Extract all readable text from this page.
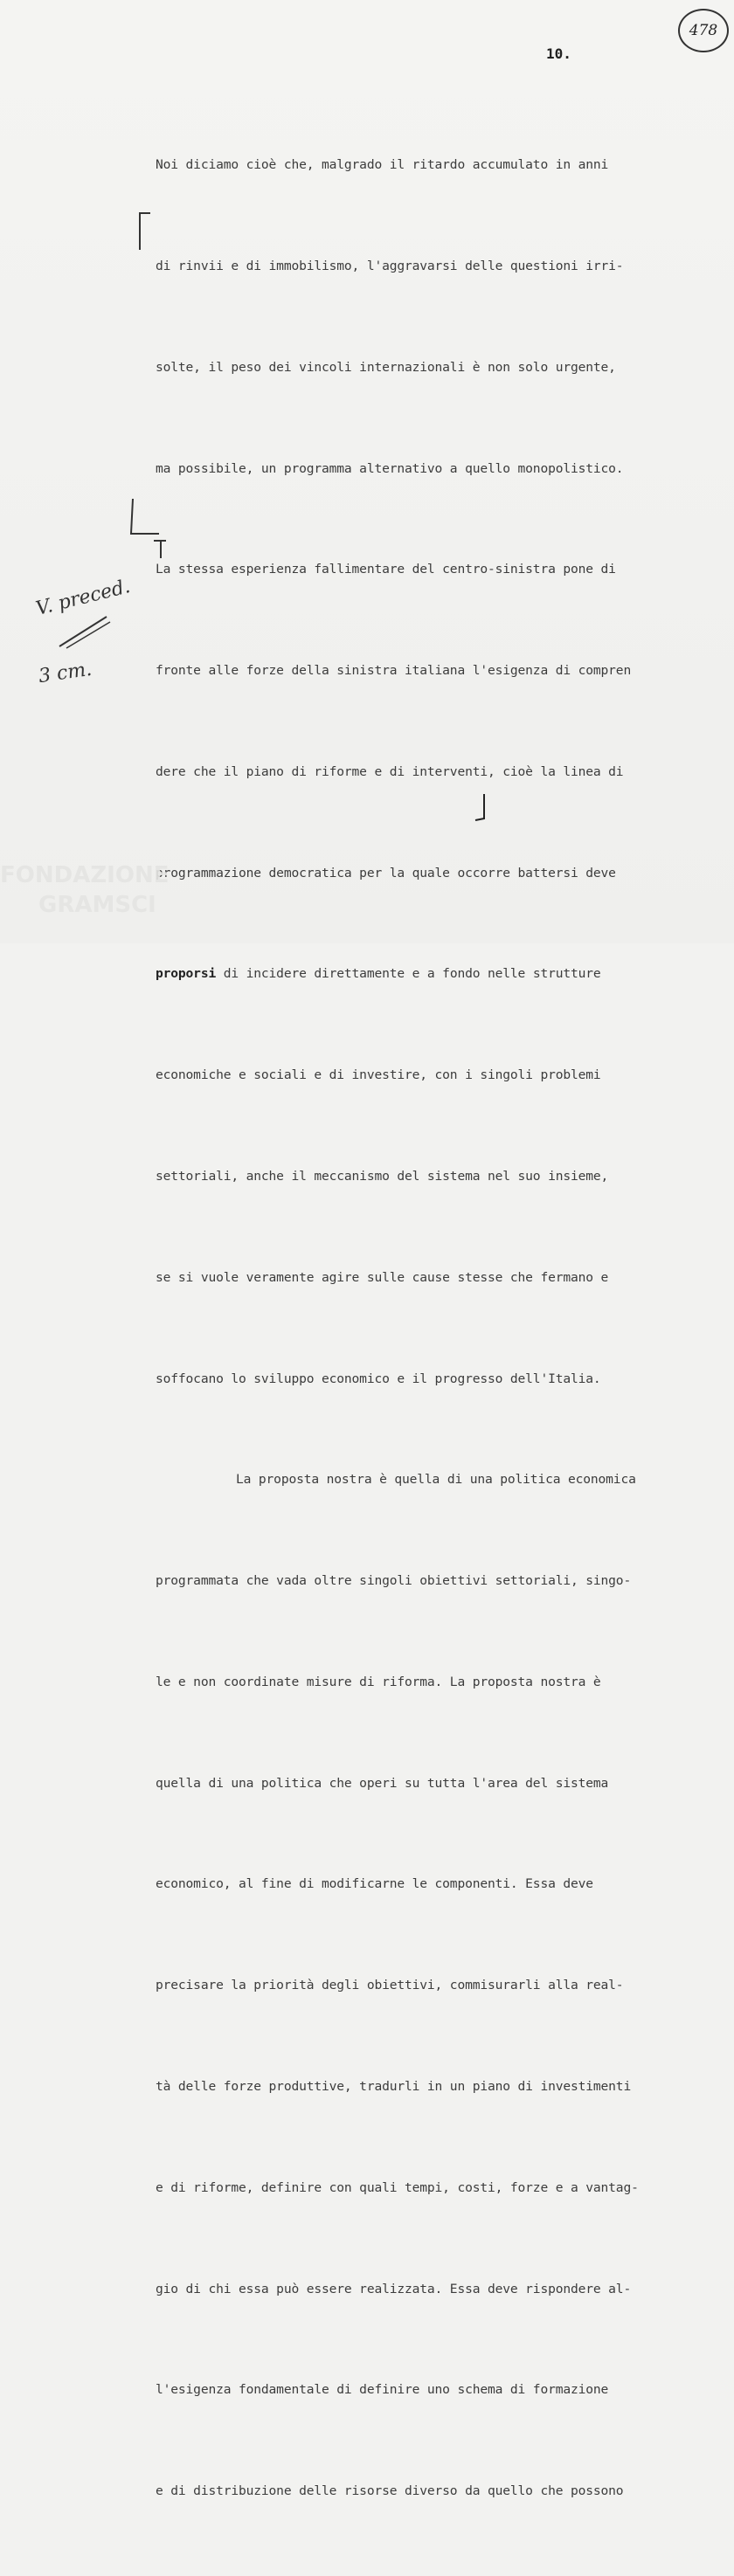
478
10.

Noi diciamo cioè che, malgrado il ritardo accumulato in anni

di rinvii e di immobilismo, l'aggravarsi delle questioni irri-

solte, il peso dei vincoli internazionali è non solo urgente,

ma possibile, un programma alternativo a quello monopolistico.

La stessa esperienza fallimentare del centro-sinistra pone di

fronte alle forze della sinistra italiana l'esigenza di compren

dere che il piano di riforme e di interventi, cioè la linea di

programmazione democratica per la quale occorre battersi deve

proporsi di incidere direttamente e a fondo nelle strutture

economiche e sociali e di investire, con i singoli problemi

settoriali, anche il meccanismo del sistema nel suo insieme,

se si vuole veramente agire sulle cause stesse che fermano e

soffocano lo sviluppo economico e il progresso dell'Italia.

La proposta nostra è quella di una politica economica

programmata che vada oltre singoli obiettivi settoriali, singo-

le e non coordinate misure di riforma. La proposta nostra è

quella di una politica che operi su tutta l'area del sistema

economico, al fine di modificarne le componenti. Essa deve

precisare la priorità degli obiettivi, commisurarli alla real-

tà delle forze produttive, tradurli in un piano di investimenti

e di riforme, definire con quali tempi, costi, forze e a vantag-

gio di chi essa può essere realizzata. Essa deve rispondere al-

l'esigenza fondamentale di definire uno schema di formazione

e di distribuzione delle risorse diverso da quello che possono

V. preced.
3 cm.
FONDAZIONE
GRAMSCI
